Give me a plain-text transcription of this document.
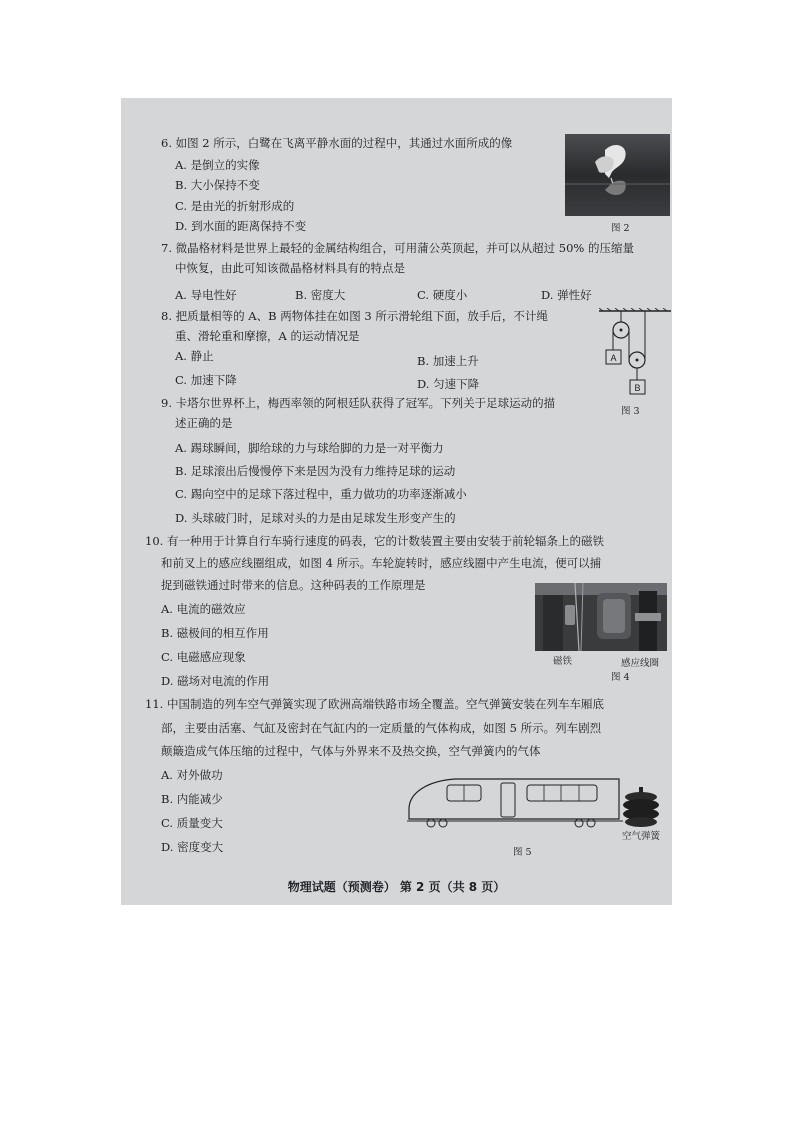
6. 如图 2 所示，白鹭在飞离平静水面的过程中，其通过水面所成的像
A. 是倒立的实像
B. 大小保持不变
C. 是由光的折射形成的
D. 到水面的距离保持不变	图 2
7. 微晶格材料是世界上最轻的金属结构组合，可用蒲公英顶起，并可以从超过 50% 的压缩量
中恢复，由此可知该微晶格材料具有的特点是
A. 导电性好	B. 密度大	C. 硬度小	D. 弹性好
8. 把质量相等的 A、B 两物体挂在如图 3 所示滑轮组下面，放手后，不计绳
重、滑轮重和摩擦，A 的运动情况是
A. 静止	B. 加速上升
C. 加速下降	D. 匀速下降
A
B
图 3
9. 卡塔尔世界杯上，梅西率领的阿根廷队获得了冠军。下列关于足球运动的描
述正确的是
A. 踢球瞬间，脚给球的力与球给脚的力是一对平衡力
B. 足球滚出后慢慢停下来是因为没有力维持足球的运动
C. 踢向空中的足球下落过程中，重力做功的功率逐渐减小
D. 头球破门时，足球对头的力是由足球发生形变产生的
10. 有一种用于计算自行车骑行速度的码表，它的计数装置主要由安装于前轮辐条上的磁铁
和前叉上的感应线圈组成，如图 4 所示。车轮旋转时，感应线圈中产生电流，便可以捕
捉到磁铁通过时带来的信息。这种码表的工作原理是
A. 电流的磁效应
B. 磁极间的相互作用
C. 电磁感应现象
D. 磁场对电流的作用
磁铁	感应线圈
图 4
11. 中国制造的列车空气弹簧实现了欧洲高端铁路市场全覆盖。空气弹簧安装在列车车厢底
部，主要由活塞、气缸及密封在气缸内的一定质量的气体构成，如图 5 所示。列车剧烈
颠簸造成气体压缩的过程中，气体与外界来不及热交换，空气弹簧内的气体
A. 对外做功
B. 内能减少
C. 质量变大
D. 密度变大
空气弹簧
图 5
物理试题（预测卷） 第 2 页（共 8 页）
